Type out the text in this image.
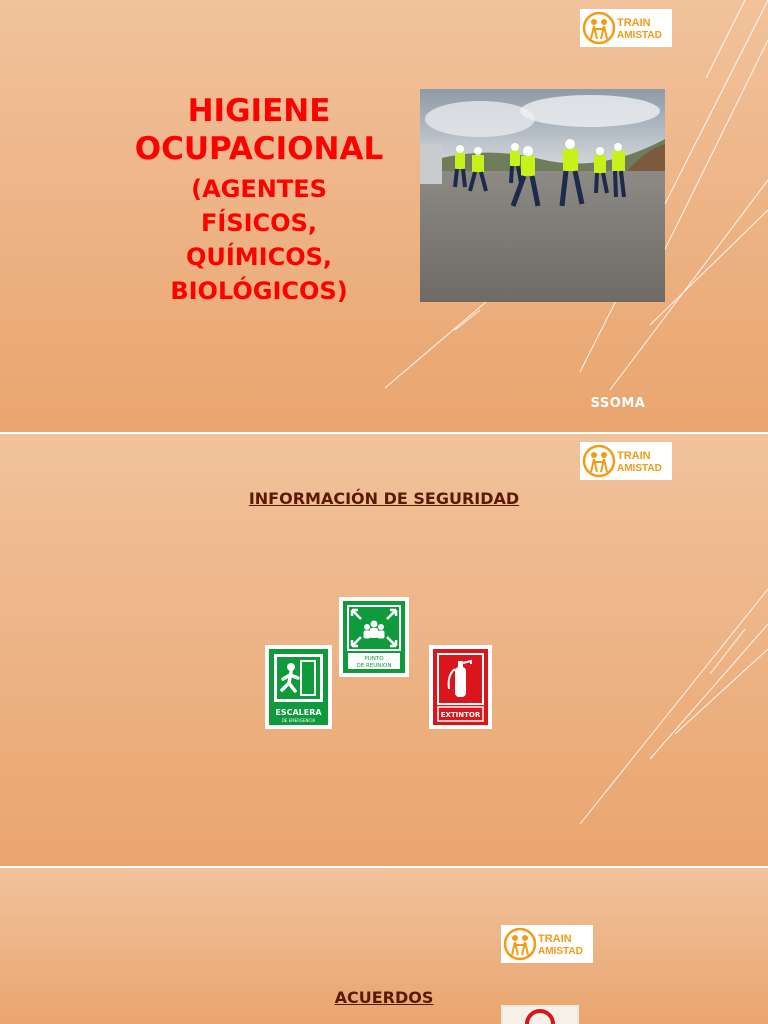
TRAIN
AMISTAD
HIGIENE OCUPACIONAL
(AGENTES
FÍSICOS,
QUÍMICOS,
BIOLÓGICOS)
SSOMA
TRAIN
AMISTAD
ESCALERA
DE EMERGENCIA
PUNTO
DE REUNION
EXTINTOR
INFORMACIÓN DE SEGURIDAD
TRAIN
AMISTAD
ACUERDOS
